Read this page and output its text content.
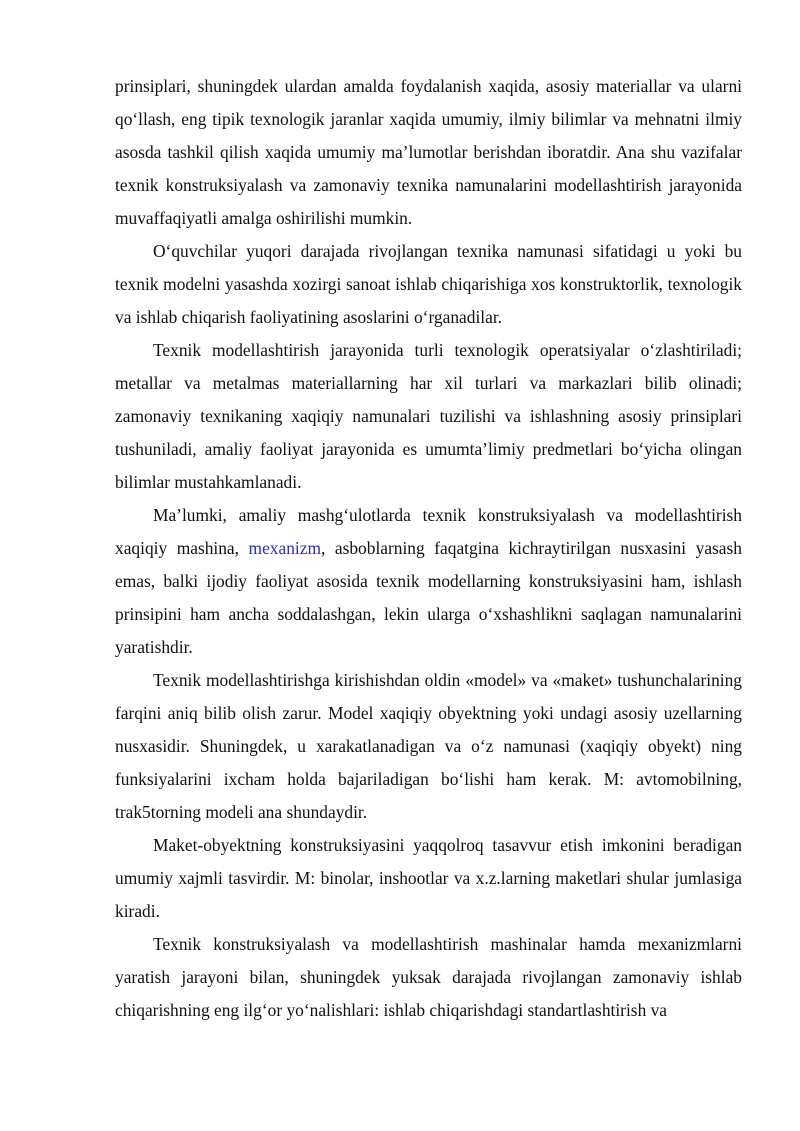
prinsiplari, shuningdek ulardan amalda foydalanish xaqida, asosiy materiallar va ularni qo‘llash, eng tipik texnologik jaranlar xaqida umumiy, ilmiy bilimlar va mehnatni ilmiy asosda tashkil qilish xaqida umumiy ma’lumotlar berishdan iboratdir. Ana shu vazifalar texnik konstruksiyalash va zamonaviy texnika namunalarini modellashtirish jarayonida muvaffaqiyatli amalga oshirilishi mumkin.

O‘quvchilar yuqori darajada rivojlangan texnika namunasi sifatidagi u yoki bu texnik modelni yasashda xozirgi sanoat ishlab chiqarishiga xos konstruktorlik, texnologik va ishlab chiqarish faoliyatining asoslarini o‘rganadilar.

Texnik modellashtirish jarayonida turli texnologik operatsiyalar o‘zlashtiriladi; metallar va metalmas materiallarning har xil turlari va markazlari bilib olinadi; zamonaviy texnikaning xaqiqiy namunalari tuzilishi va ishlashning asosiy prinsiplari tushuniladi, amaliy faoliyat jarayonida es umumta’limiy predmetlari bo‘yicha olingan bilimlar mustahkamlanadi.

Ma’lumki, amaliy mashg‘ulotlarda texnik konstruksiyalash va modellashtirish xaqiqiy mashina, mexanizm, asboblarning faqatgina kichraytirilgan nusxasini yasash emas, balki ijodiy faoliyat asosida texnik modellarning konstruksiyasini ham, ishlash prinsipini ham ancha soddalashgan, lekin ularga o‘xshashlikni saqlagan namunalarini yaratishdir.

Texnik modellashtirishga kirishishdan oldin «model» va «maket» tushunchalarining farqini aniq bilib olish zarur. Model xaqiqiy obyektning yoki undagi asosiy uzellarning nusxasidir. Shuningdek, u xarakatlanadigan va o‘z namunasi (xaqiqiy obyekt) ning funksiyalarini ixcham holda bajariladigan bo‘lishi ham kerak. M: avtomobilning, trak5torning modeli ana shundaydir.

Maket-obyektning konstruksiyasini yaqqolroq tasavvur etish imkonini beradigan umumiy xajmli tasvirdir. M: binolar, inshootlar va x.z.larning maketlari shular jumlasiga kiradi.

Texnik konstruksiyalash va modellashtirish mashinalar hamda mexanizmlarni yaratish jarayoni bilan, shuningdek yuksak darajada rivojlangan zamonaviy ishlab chiqarishning eng ilg‘or yo‘nalishlari: ishlab chiqarishdagi standartlashtirish va
